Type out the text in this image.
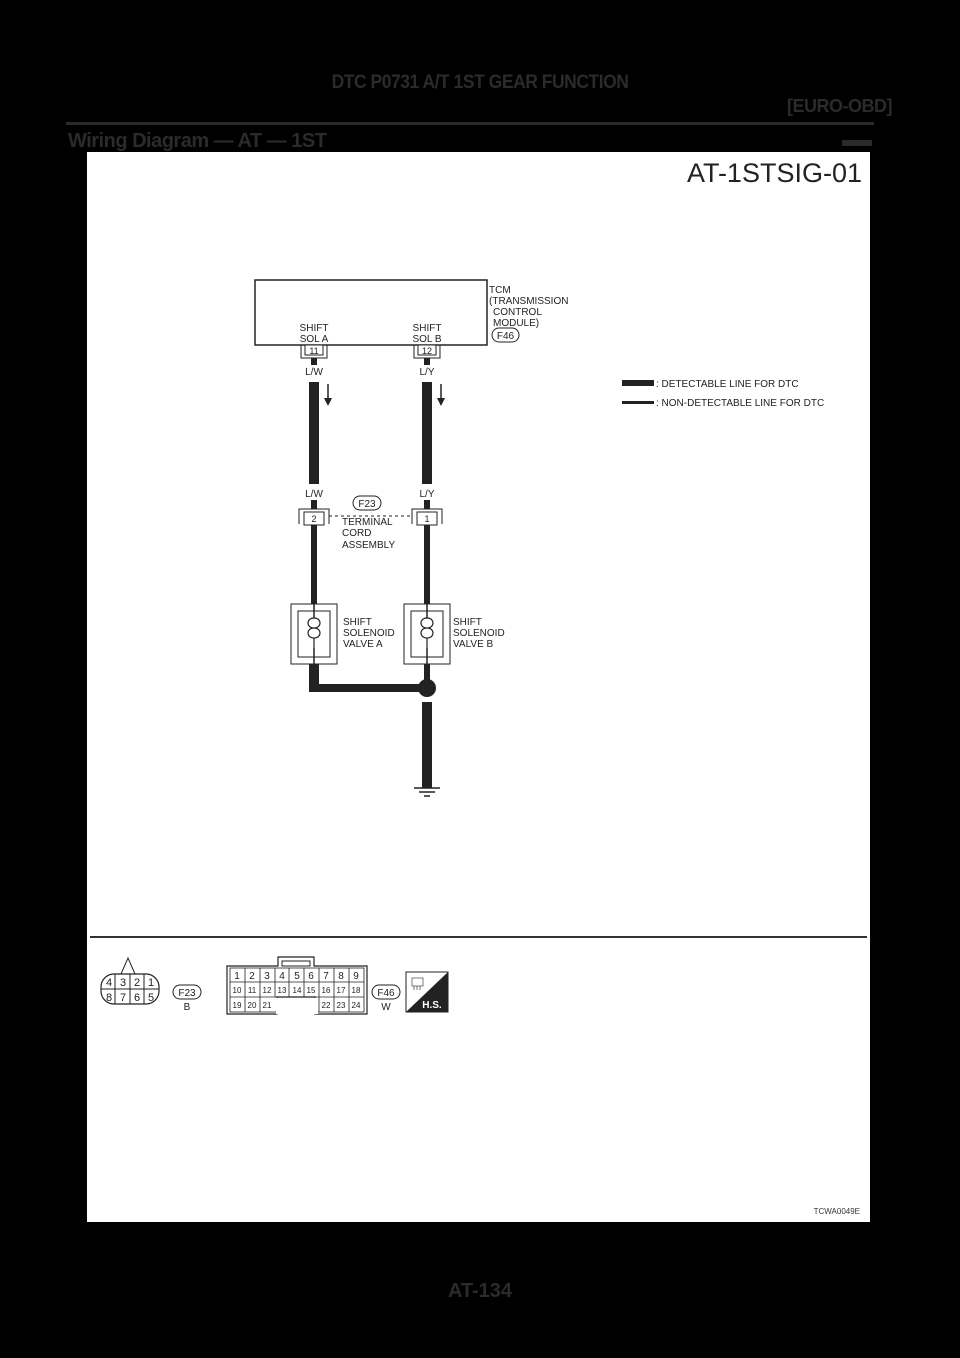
DTC P0731 A/T 1ST GEAR FUNCTION
[EURO-OBD]
Wiring Diagram — AT — 1ST
AT-1STSIG-01
TCM
(TRANSMISSION
CONTROL
MODULE)
F46
SHIFT
SOL A
11
SHIFT
SOL B
12
L/W
L/W
L/Y
L/Y
2	1
F23
TERMINAL
CORD
ASSEMBLY
SHIFT
SOLENOID
VALVE A
SHIFT
SOLENOID
VALVE B
: DETECTABLE LINE FOR DTC
: NON-DETECTABLE LINE FOR DTC
4 3 2 1
8 7 6 5 F23
B
1 2 3 4 5 6 7 8 9
10 11 12 13 14 15 16 17 18
19 20 21	22 23 24
F46
W	H.S.
TCWA0049E
AT-134
